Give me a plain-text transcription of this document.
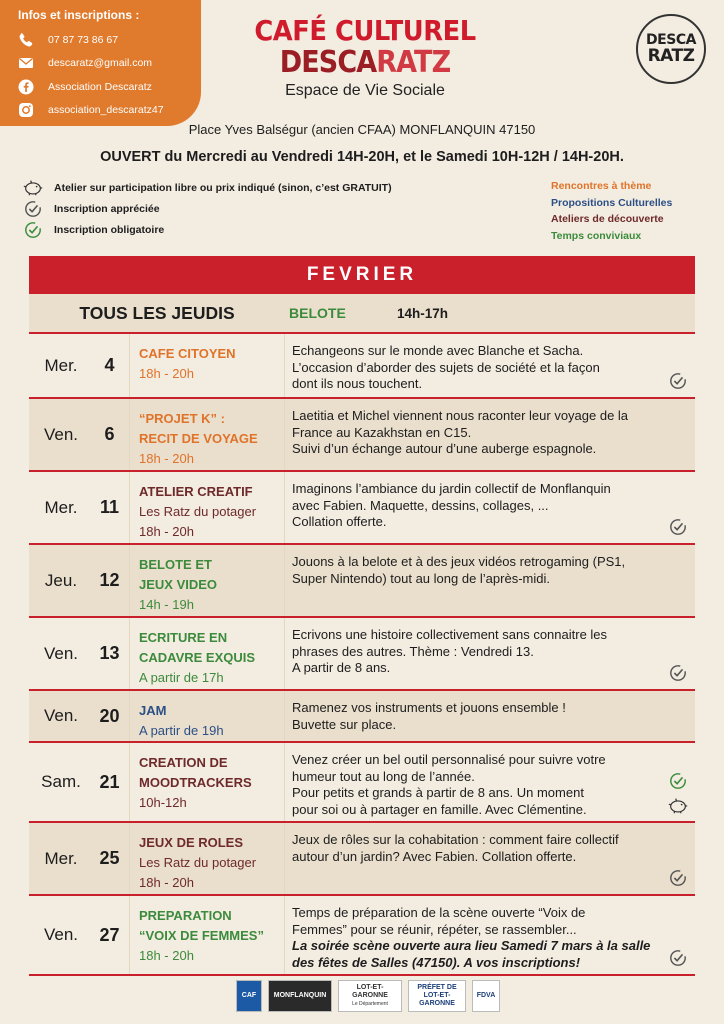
Infos et inscriptions :
07 87 73 86 67
descaratz@gmail.com
Association Descaratz
association_descaratz47
CAFÉ CULTUREL
DESCARATZ
Espace de Vie Sociale
DESCA
RATZ
Place Yves Balségur (ancien CFAA) MONFLANQUIN 47150
OUVERT du Mercredi au Vendredi 14H-20H, et le Samedi 10H-12H / 14H-20H.
Atelier sur participation libre ou prix indiqué (sinon, c’est GRATUIT)
Inscription appréciée
Inscription obligatoire
Rencontres à thème
Propositions Culturelles
Ateliers de découverte
Temps conviviaux
FEVRIER
TOUS LES JEUDIS	BELOTE	14h-17h
Mer.	4
CAFE CITOYEN
18h - 20h
Echangeons sur le monde avec Blanche et Sacha.
L’occasion d’aborder des sujets de société et la façon
dont ils nous touchent.
Ven.	6
“PROJET K” :
RECIT DE VOYAGE
18h - 20h
Laetitia et Michel viennent nous raconter leur voyage de la
France au Kazakhstan en C15.
Suivi d’un échange autour d’une auberge espagnole.
Mer.	11
ATELIER CREATIF
Les Ratz du potager
18h - 20h
Imaginons l’ambiance du jardin collectif de Monflanquin
avec Fabien. Maquette, dessins, collages, ...
Collation offerte.
Jeu.	12
BELOTE ET
JEUX VIDEO
14h - 19h
Jouons à la belote et à des jeux vidéos retrogaming (PS1,
Super Nintendo) tout au long de l’après-midi.
Ven.	13
ECRITURE EN
CADAVRE EXQUIS
A partir de 17h
Ecrivons une histoire collectivement sans connaitre les
phrases des autres. Thème : Vendredi 13.
A partir de 8 ans.
Ven.	20	JAM
A partir de 19h
Ramenez vos instruments et jouons ensemble !
Buvette sur place.
Sam.	21
CREATION DE
MOODTRACKERS
10h-12h
Venez créer un bel outil personnalisé pour suivre votre
humeur tout au long de l’année.
Pour petits et grands à partir de 8 ans. Un moment
pour soi ou à partager en famille. Avec Clémentine.
Mer.	25
JEUX DE ROLES
Les Ratz du potager
18h - 20h
Jeux de rôles sur la cohabitation : comment faire collectif
autour d’un jardin? Avec Fabien. Collation offerte.
Ven.	27
PREPARATION
“VOIX DE FEMMES”
18h - 20h
Temps de préparation de la scène ouverte “Voix de
Femmes” pour se réunir, répéter, se rassembler...
La soirée scène ouverte aura lieu Samedi 7 mars à la salle des fêtes de Salles (47150). A vos inscriptions!
CAF	MONFLANQUIN
LOT-ET-GARONNE
Le Département
PRÉFET DE LOT-ET-GARONNE
FDVA
